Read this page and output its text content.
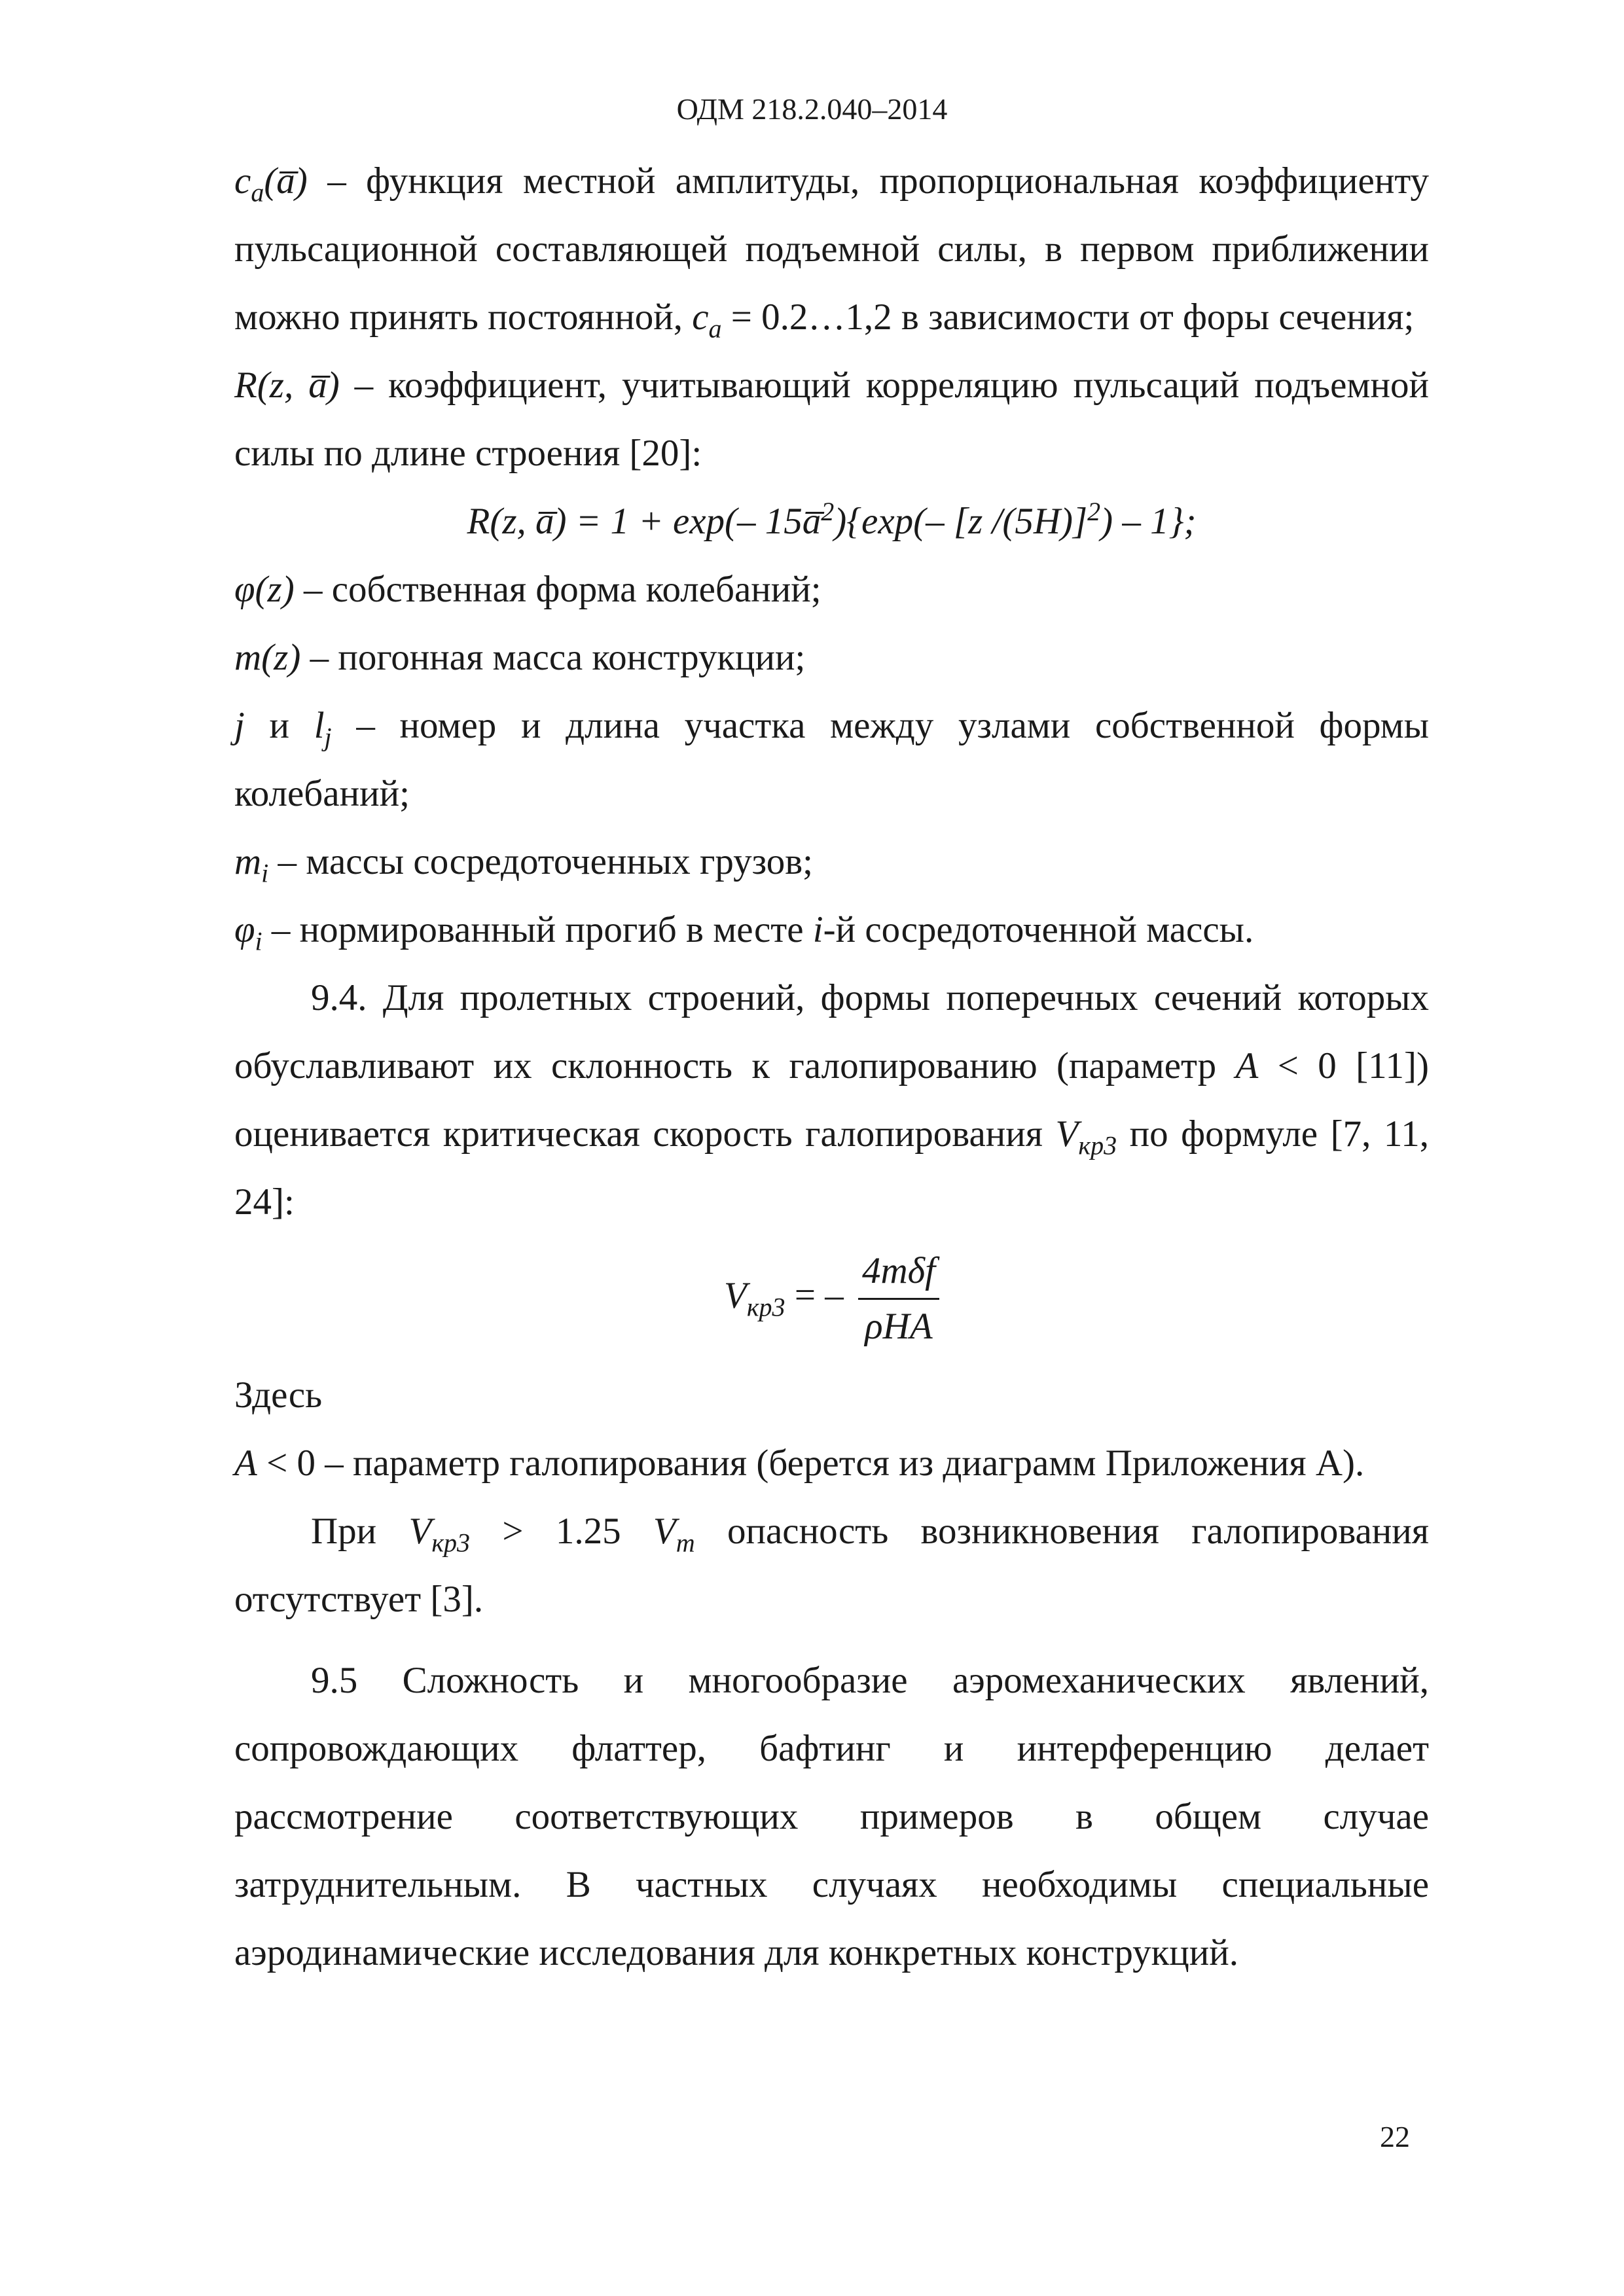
ОДМ 218.2.040–2014

$c_a(a̅)$ – функция местной амплитуды, пропорциональная коэффициенту пульсационной составляющей подъемной силы, в первом приближении можно принять постоянной, $c_a$ = 0.2…1,2 в зависимости от форы сечения;

R(z, a̅) – коэффициент, учитывающий корреляцию пульсаций подъемной силы по длине строения [20]:

R(z, a̅) = 1 + exp(– 15a̅$^2$){exp(– [z /(5H)]$^2$) – 1};

φ(z) – собственная форма колебаний;

m(z) – погонная масса конструкции;

j и $l_j$ – номер и длина участка между узлами собственной формы колебаний;

$m_i$ – массы сосредоточенных грузов;

$\varphi_i$ – нормированный прогиб в месте i-й сосредоточенной массы.

9.4. Для пролетных строений, формы поперечных сечений которых обуславливают их склонность к галопированию (параметр A < 0 [11]) оценивается критическая скорость галопирования $V_{кр3}$ по формуле [7, 11, 24]:

$V_{кр3}$ = – $\frac{\text{4mδf}}{\text{ρHA}}$

Здесь

A < 0 – параметр галопирования (берется из диаграмм Приложения А).

При $V_{кр3} > 1.25$ $V_m$ опасность возникновения галопирования отсутствует [3].

9.5 Сложность и многообразие аэромеханических явлений, сопровождающих флаттер, бафтинг и интерференцию делает рассмотрение соответствующих примеров в общем случае затруднительным. В частных случаях необходимы специальные аэродинамические исследования для конкретных конструкций.

22
